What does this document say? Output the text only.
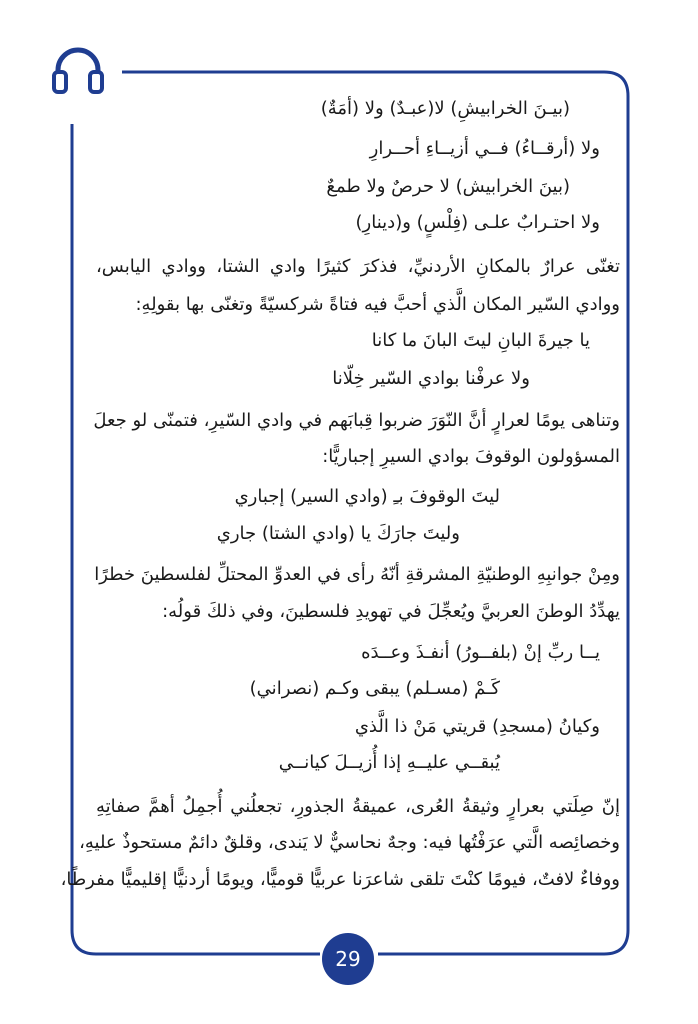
(بيـنَ الخرابيشِ) لا(عبـدٌ) ولا (أمَةٌ)
ولا (أرقــاءُ) فــي أزيــاءِ أحــرارِ
(بينَ الخرابيش) لا حرصٌ ولا طمعٌ
ولا احتـرابٌ علـى (فِلْسٍ) و(دينارِ)
تغنّى عرارٌ بالمكانِ الأردنيِّ، فذكرَ كثيرًا وادي الشتا، ووادي اليابس،
ووادي السّير المكان الَّذي أحبَّ فيه فتاةً شركسيّةً وتغنّى بها بقولِهِ:
يا جيرةَ البانِ ليتَ البانَ ما كانا
ولا عرفْنا بوادي السّير خِلّانا
وتناهى يومًا لعرارٍ أنَّ النّوَرَ ضربوا قِبابَهم في وادي السّيرِ، فتمنّى لو جعلَ
المسؤولون الوقوفَ بوادي السيرِ إجباريًّا:
ليتَ الوقوفَ بـِ (وادي السير) إجباري
وليتَ جارَكَ يا (وادي الشتا) جاري
ومِنْ جوانبِهِ الوطنيّةِ المشرقةِ أنّهُ رأى في العدوِّ المحتلِّ لفلسطينَ خطرًا
يهدِّدُ الوطنَ العربيَّ ويُعجِّلَ في تهويدِ فلسطينَ، وفي ذلكَ قولُه:
يــا ربِّ إنْ (بلفــورُ) أنفـذَ وعــدَه
كَـمْ (مسـلم) يبقى وكـم (نصراني)
وكيانُ (مسجدِ) قريتي مَنْ ذا الَّذي
يُبقــي عليــهِ إذا أُزيــلَ كيانــي
إنّ صِلَتي بعرارٍ وثيقةُ العُرى، عميقةُ الجذورِ، تجعلُني أُجمِلُ أهمَّ صفاتِهِ
وخصائِصه الَّتي عرَفْتُها فيه: وجهٌ نحاسيٌّ لا يَندى، وقلقٌ دائمٌ مستحوذٌ عليهِ،
ووفاءٌ لافتٌ، فيومًا كنْتَ تلقى شاعرَنا عربيًّا قوميًّا، ويومًا أردنيًّا إقليميًّا مفرطًا،
29
